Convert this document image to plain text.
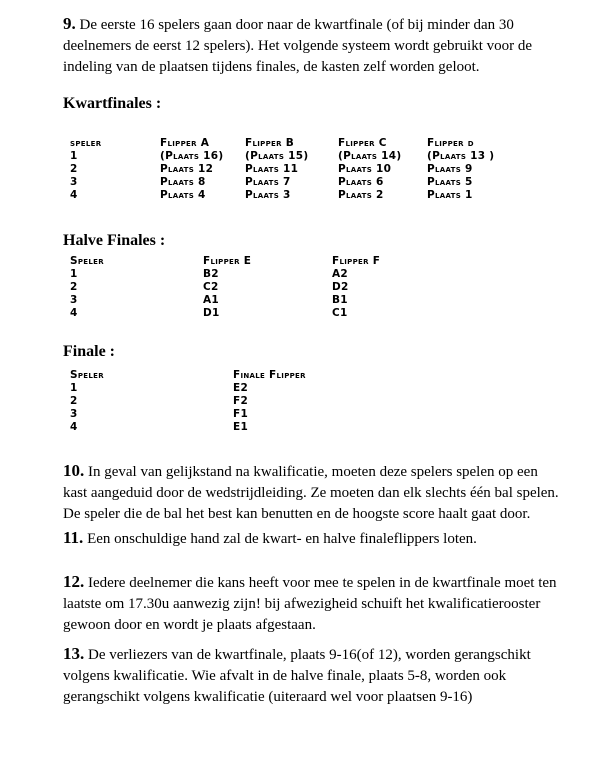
9. De eerste 16 spelers gaan door naar de kwartfinale (of bij minder dan 30 deelnemers de eerst 12 spelers). Het volgende systeem wordt gebruikt voor de indeling van de plaatsen tijdens finales, de kasten zelf worden geloot.
Kwartfinales :
speler	Flipper A	Flipper B	Flipper C	Flipper d
1	(Plaats 16)	(Plaats 15)	(Plaats 14)	(Plaats 13 )
2	Plaats 12	Plaats 11	Plaats 10	Plaats 9
3	Plaats 8	Plaats 7	Plaats 6	Plaats 5
4	Plaats 4	Plaats 3	Plaats 2	Plaats 1
Halve Finales :
Speler	Flipper E	Flipper F
1	B2	A2
2	C2	D2
3	A1	B1
4	D1	C1
Finale :
Speler	Finale Flipper
1	E2
2	F2
3	F1
4	E1
10. In geval van gelijkstand na kwalificatie, moeten deze spelers spelen op een kast aangeduid door de wedstrijdleiding. Ze moeten dan elk slechts één bal spelen. De speler die de bal het best kan benutten en de hoogste score haalt gaat door.
11. Een onschuldige hand zal de kwart- en halve finaleflippers loten.
12. Iedere deelnemer die kans heeft voor mee te spelen in de kwartfinale moet ten laatste om 17.30u aanwezig zijn! bij afwezigheid schuift het kwalificatierooster gewoon door en wordt je plaats afgestaan.
13. De verliezers van de kwartfinale, plaats 9-16(of 12), worden gerangschikt volgens kwalificatie. Wie afvalt in de halve finale, plaats 5-8, worden ook gerangschikt volgens kwalificatie (uiteraard wel voor plaatsen 9-16)
